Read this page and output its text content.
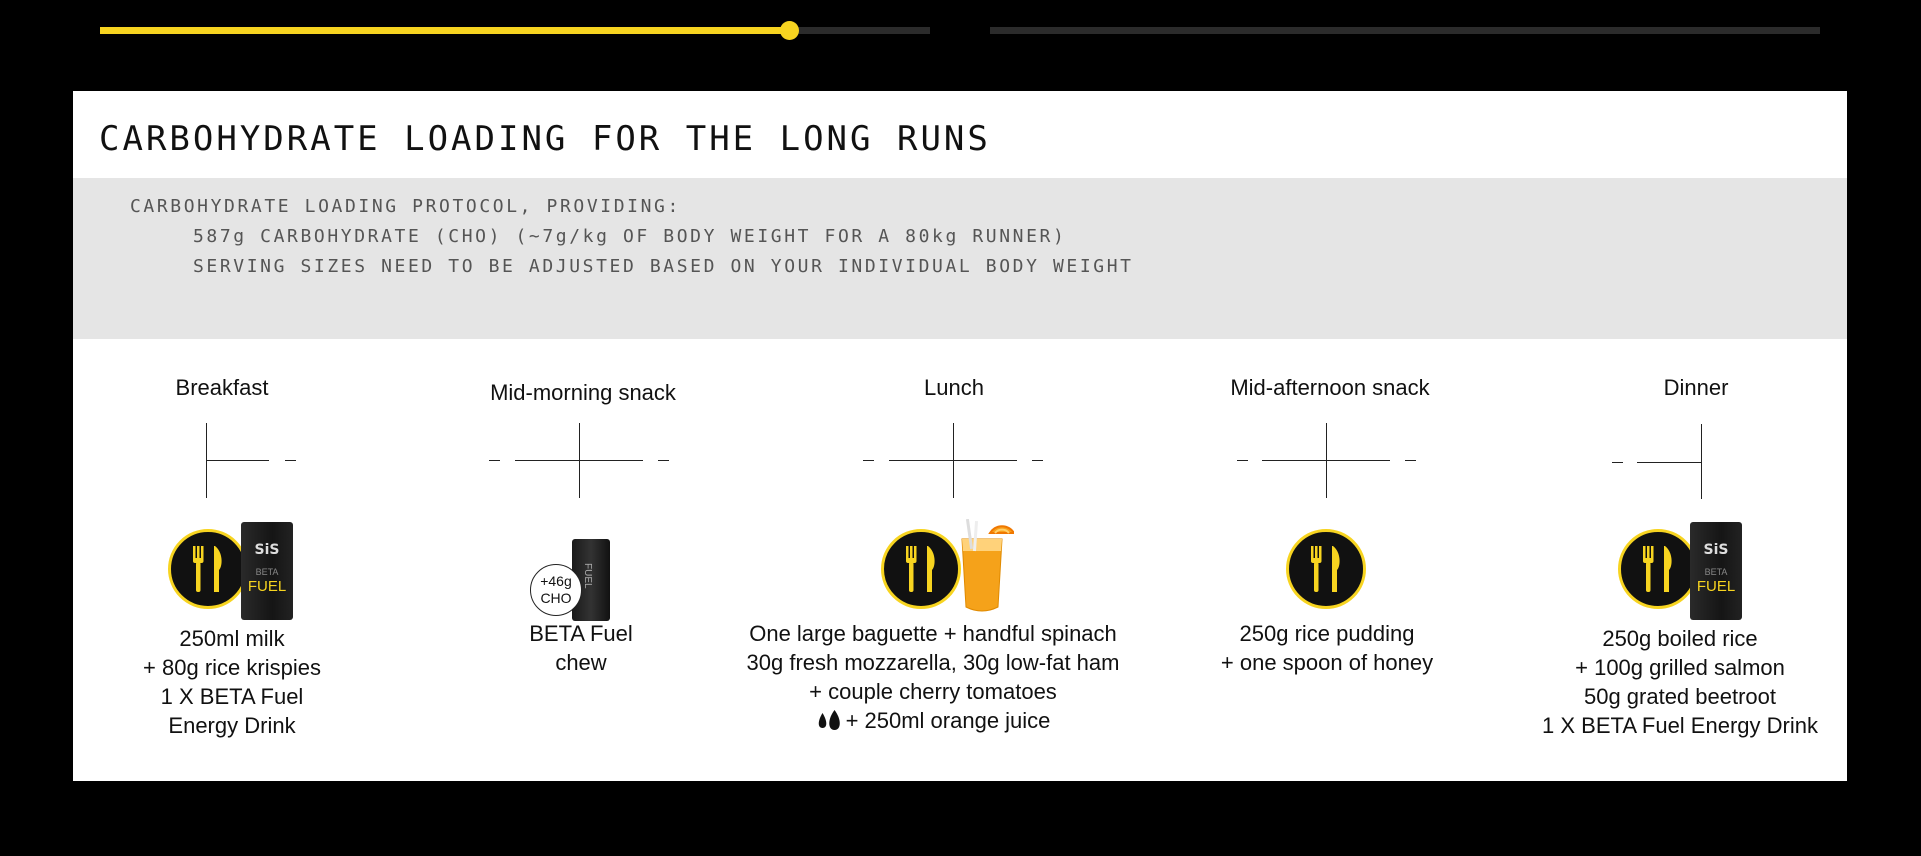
CARBOHYDRATE LOADING FOR THE LONG RUNS
CARBOHYDRATE LOADING PROTOCOL, PROVIDING:
587g CARBOHYDRATE (CHO) (~7g/kg OF BODY WEIGHT FOR A 80kg RUNNER)
SERVING SIZES NEED TO BE ADJUSTED BASED ON YOUR INDIVIDUAL BODY WEIGHT
Breakfast	Mid-morning snack	Lunch	Mid-afternoon snack	Dinner
SiS
BETA
FUEL
250ml milk
+ 80g rice krispies
1 X BETA Fuel
Energy Drink
FUEL
+46g
CHO
BETA Fuel
chew
One large baguette + handful spinach
30g fresh mozzarella, 30g low-fat ham
+ couple cherry tomatoes
+ 250ml orange juice
250g rice pudding
+ one spoon of honey
SiS
BETA
FUEL
250g boiled rice
+ 100g grilled salmon
50g grated beetroot
1 X BETA Fuel Energy Drink
